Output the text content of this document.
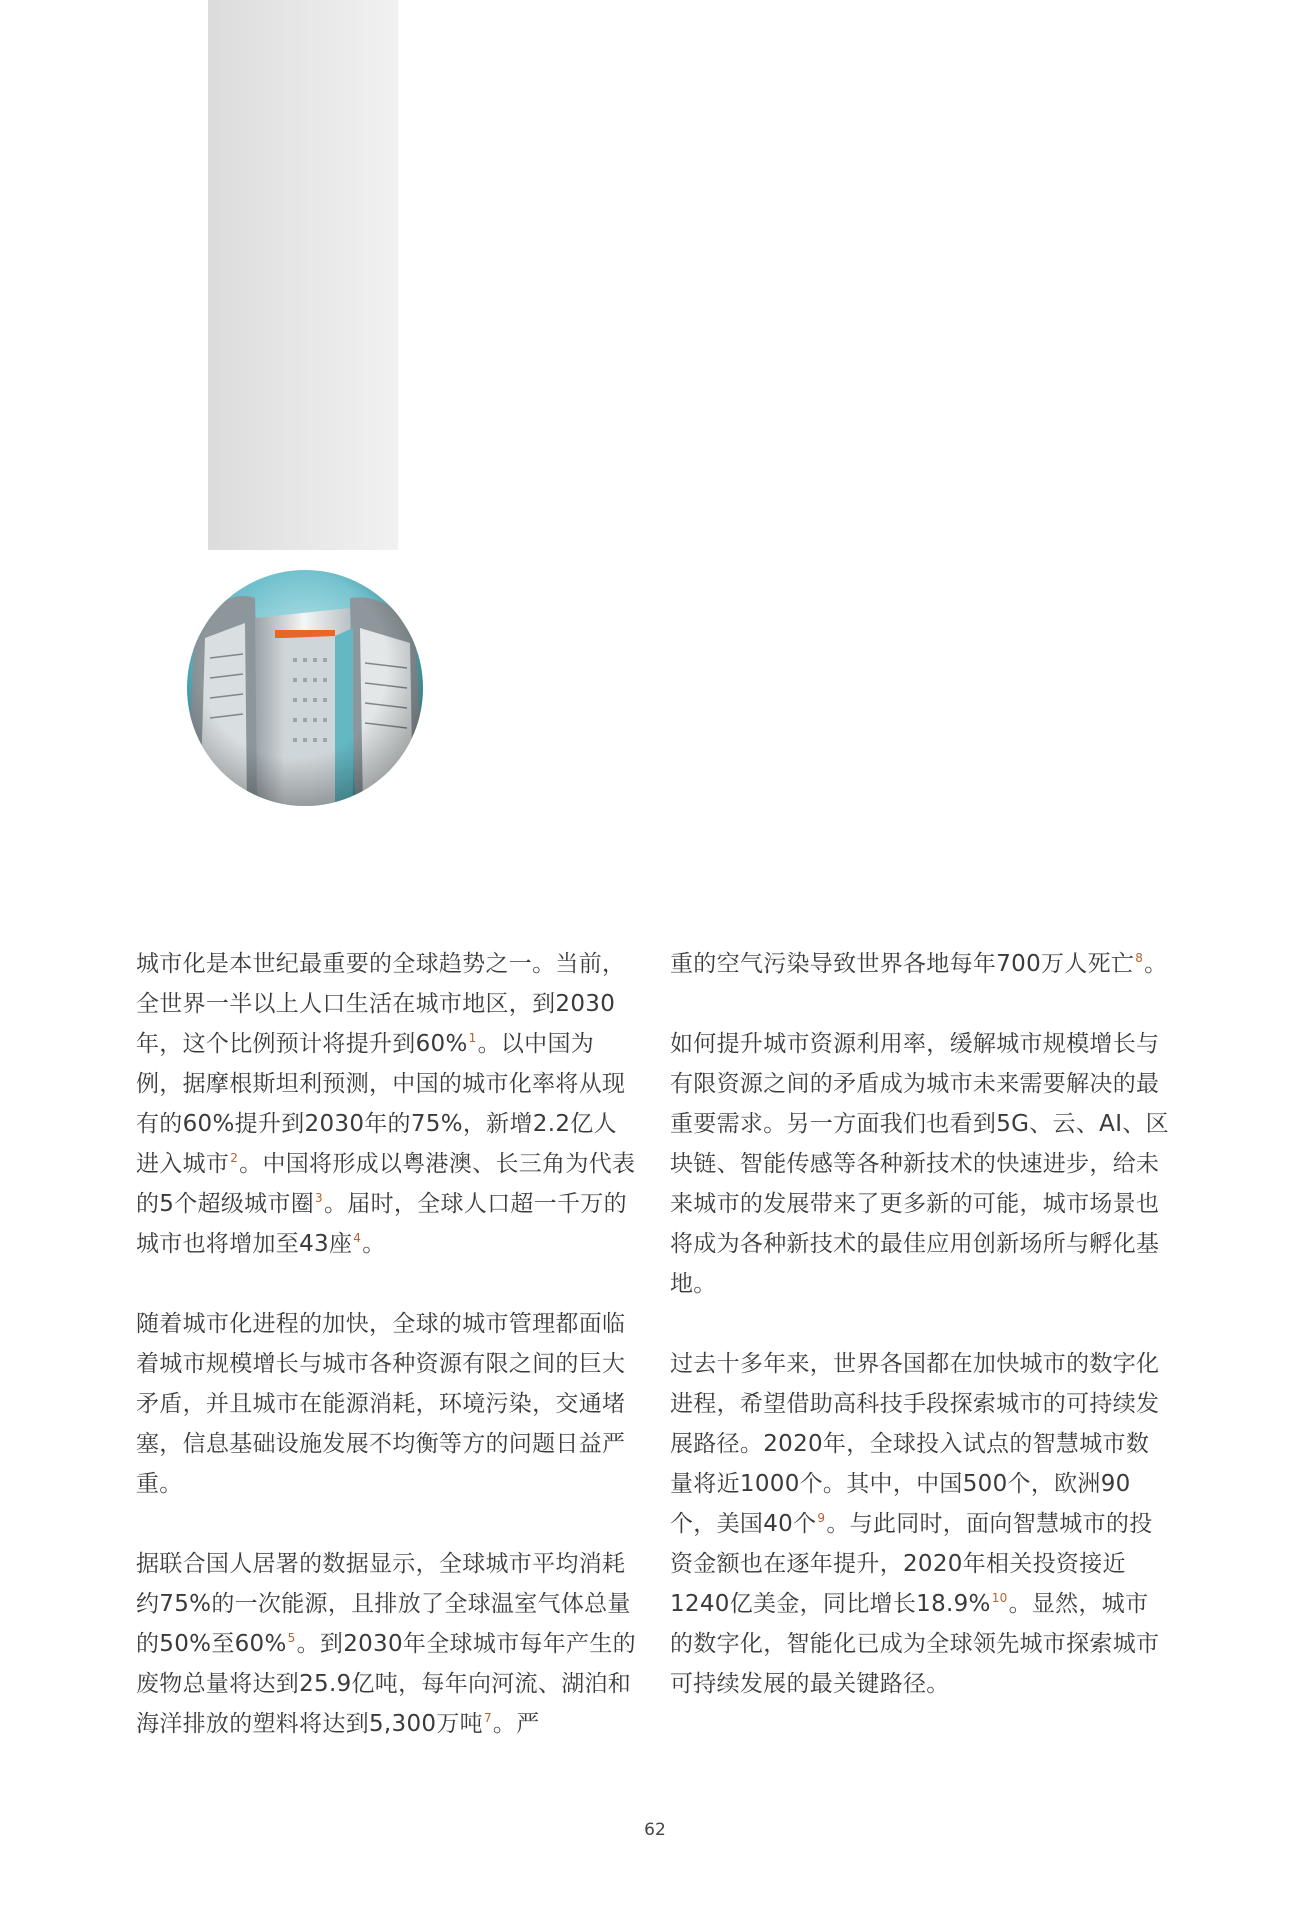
城市化是本世纪最重要的全球趋势之一。当前，全世界一半以上人口生活在城市地区，到2030年，这个比例预计将提升到60%$^1$。以中国为例，据摩根斯坦利预测，中国的城市化率将从现有的60%提升到2030年的75%，新增2.2亿人进入城市$^2$。中国将形成以粤港澳、长三角为代表的5个超级城市圈$^3$。届时，全球人口超一千万的城市也将增加至43座$^4$。

随着城市化进程的加快，全球的城市管理都面临着城市规模增长与城市各种资源有限之间的巨大矛盾，并且城市在能源消耗，环境污染，交通堵塞，信息基础设施发展不均衡等方的问题日益严重。

据联合国人居署的数据显示，全球城市平均消耗约75%的一次能源，且排放了全球温室气体总量的50%至60%$^5$。到2030年全球城市每年产生的废物总量将达到25.9亿吨，每年向河流、湖泊和海洋排放的塑料将达到5,300万吨$^7$。严

重的空气污染导致世界各地每年700万人死亡$^8$。

如何提升城市资源利用率，缓解城市规模增长与有限资源之间的矛盾成为城市未来需要解决的最重要需求。另一方面我们也看到5G、云、AI、区块链、智能传感等各种新技术的快速进步，给未来城市的发展带来了更多新的可能，城市场景也将成为各种新技术的最佳应用创新场所与孵化基地。

过去十多年来，世界各国都在加快城市的数字化进程，希望借助高科技手段探索城市的可持续发展路径。2020年，全球投入试点的智慧城市数量将近1000个。其中，中国500个，欧洲90个，美国40个$^9$。与此同时，面向智慧城市的投资金额也在逐年提升，2020年相关投资接近1240亿美金，同比增长18.9%$^{10}$。显然，城市的数字化，智能化已成为全球领先城市探索城市可持续发展的最关键路径。

62
